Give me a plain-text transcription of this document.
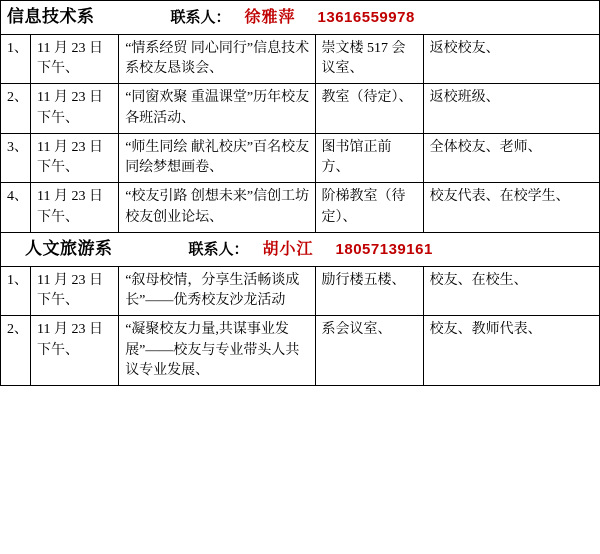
信息技术系 联系人： 徐雅萍 13616559978				

1、	11 月 23 日下午、	“情系经贸 同心同行”信息技术系校友恳谈会、	崇文楼 517 会议室、	返校校友、
2、	11 月 23 日下午、	“同窗欢聚 重温课堂”历年校友各班活动、	教室（待定）、	返校班级、
3、	11 月 23 日下午、	“师生同绘 献礼校庆”百名校友同绘梦想画卷、	图书馆正前方、	全体校友、老师、
4、	11 月 23 日下午、	“校友引路 创想未来”信创工坊校友创业论坛、	阶梯教室（待定）、	校友代表、在校学生、

人文旅游系 联系人： 胡小江 18057139161				

1、	11 月 23 日下午、	“叙母校情，分享生活畅谈成长”——优秀校友沙龙活动	励行楼五楼、	校友、在校生、
2、	11 月 23 日下午、	“凝聚校友力量,共谋事业发展”——校友与专业带头人共议专业发展、	系会议室、	校友、教师代表、
